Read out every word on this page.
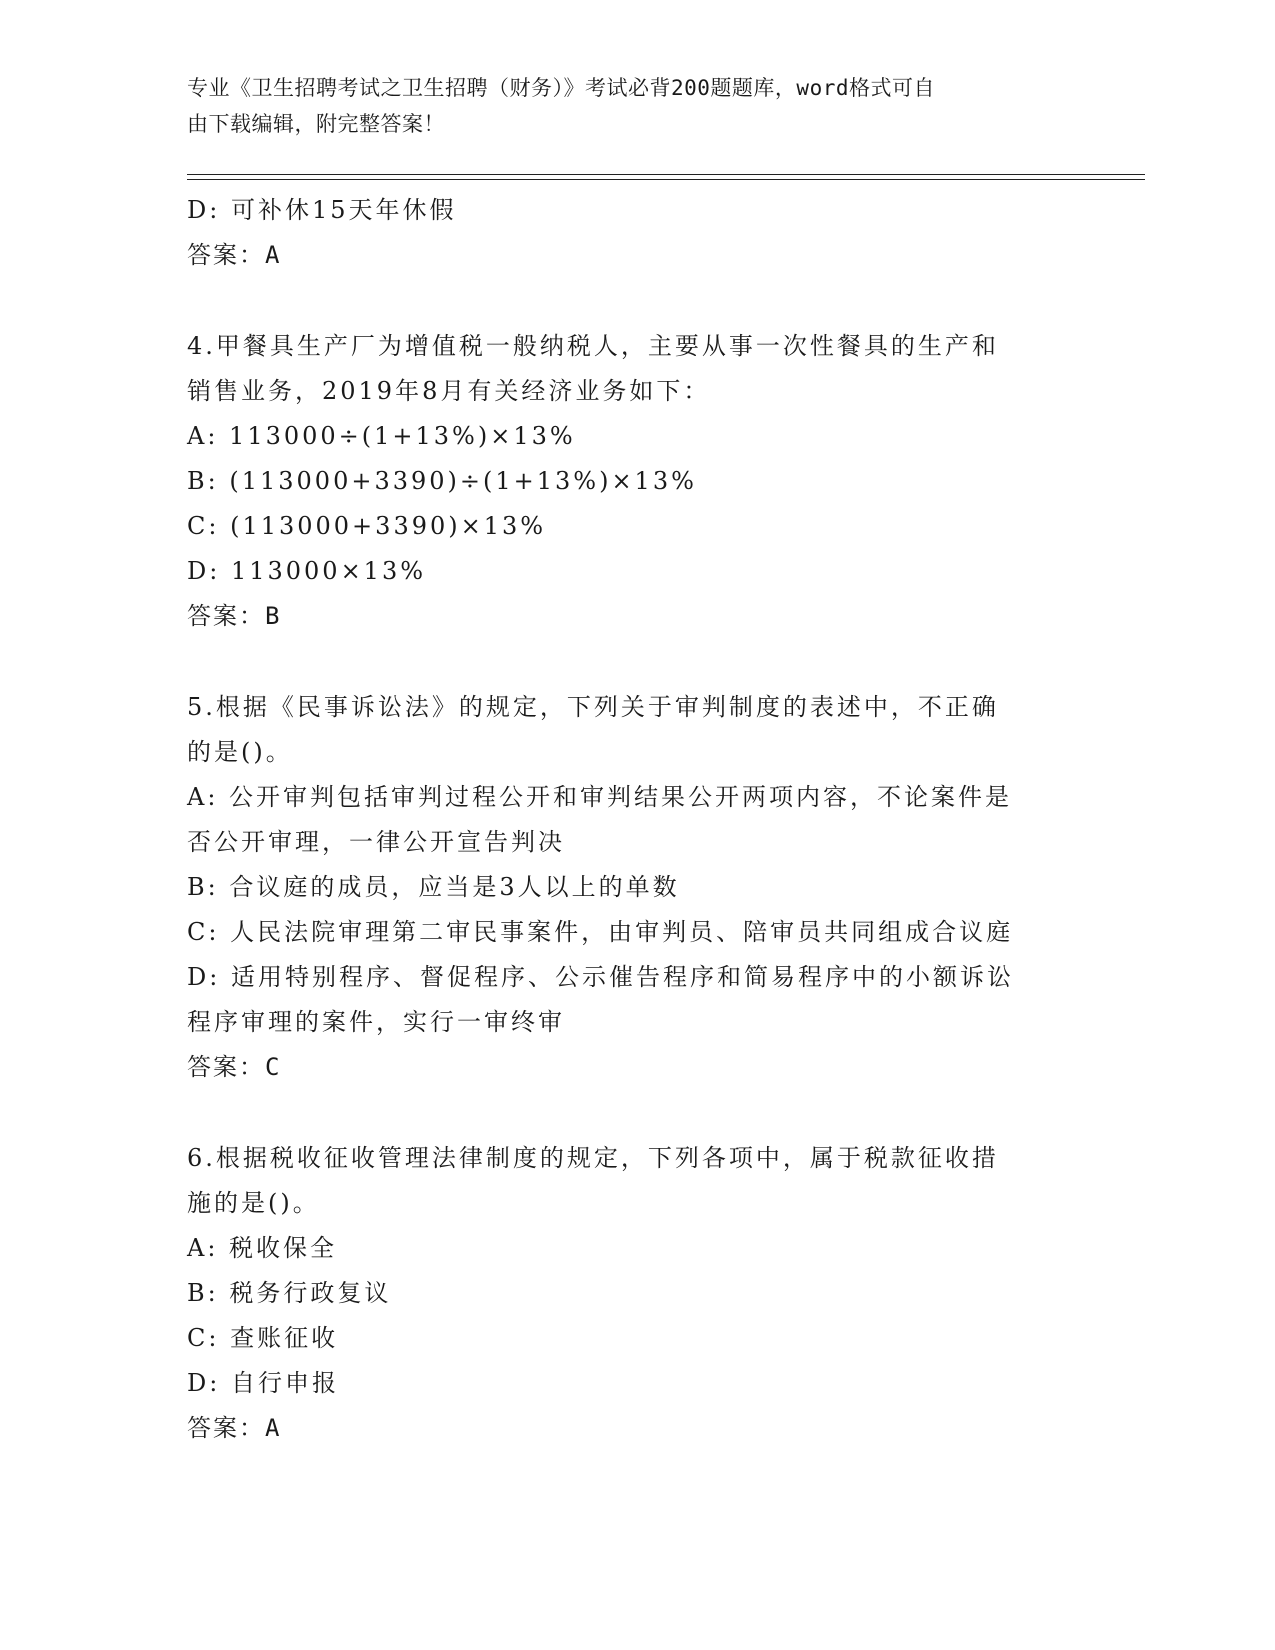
专业《卫生招聘考试之卫生招聘（财务）》考试必背200题题库，word格式可自
由下载编辑，附完整答案！
D: 可补休15天年休假
答案：A
4.甲餐具生产厂为增值税一般纳税人，主要从事一次性餐具的生产和
销售业务，2019年8月有关经济业务如下：
A: 113000÷(1+13%)×13%
B: (113000+3390)÷(1+13%)×13%
C: (113000+3390)×13%
D: 113000×13%
答案：B
5.根据《民事诉讼法》的规定，下列关于审判制度的表述中，不正确
的是()。
A: 公开审判包括审判过程公开和审判结果公开两项内容，不论案件是
否公开审理，一律公开宣告判决
B: 合议庭的成员，应当是3人以上的单数
C: 人民法院审理第二审民事案件，由审判员、陪审员共同组成合议庭
D: 适用特别程序、督促程序、公示催告程序和简易程序中的小额诉讼
程序审理的案件，实行一审终审
答案：C
6.根据税收征收管理法律制度的规定，下列各项中，属于税款征收措
施的是()。
A: 税收保全
B: 税务行政复议
C: 查账征收
D: 自行申报
答案：A
